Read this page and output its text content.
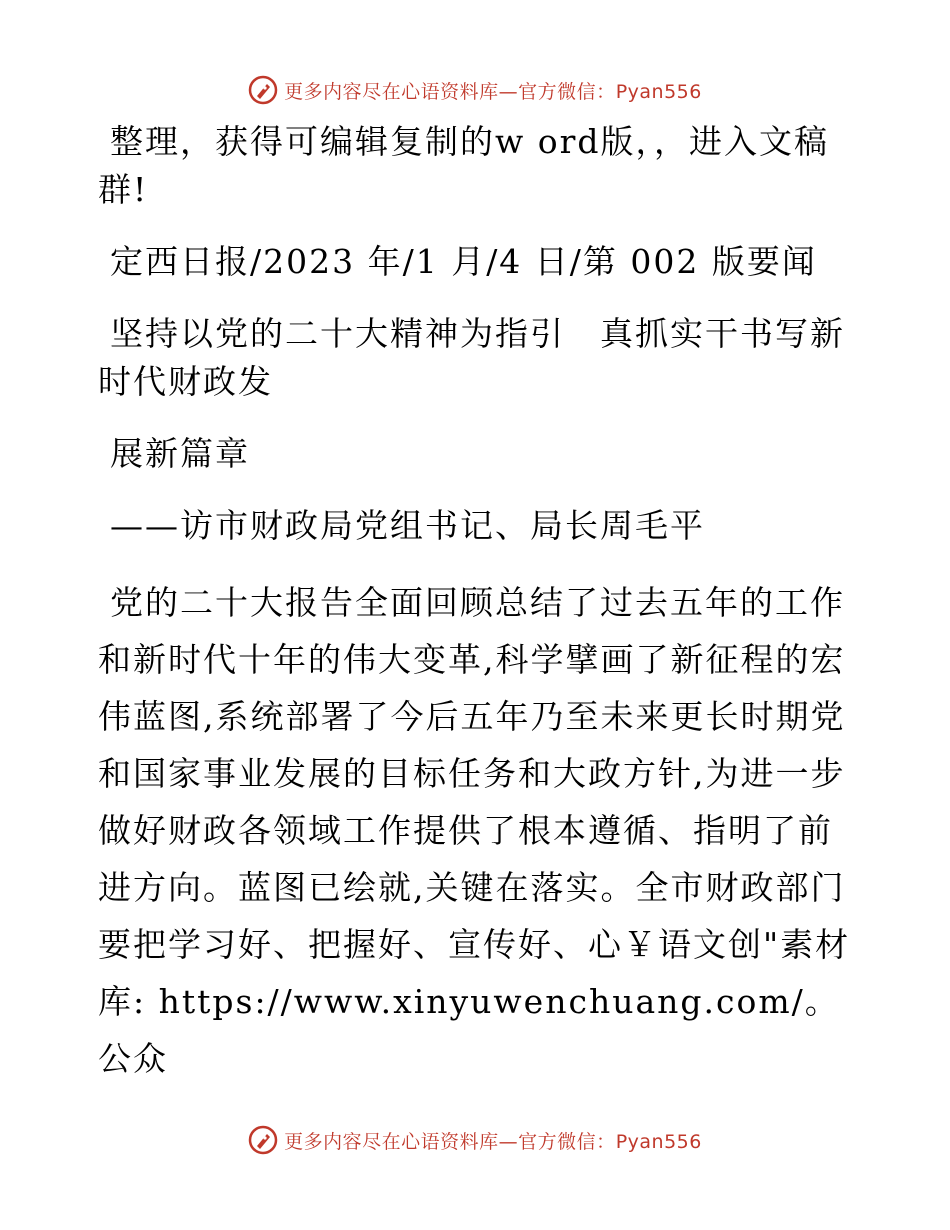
更多内容尽在心语资料库—官方微信：Pyan556

整理，获得可编辑复制的w ord版，，进入文稿群!

定西日报/2023 年/1 月/4 日/第 002 版要闻

坚持以党的二十大精神为指引　真抓实干书写新时代财政发

展新篇章

——访市财政局党组书记、局长周毛平

党的二十大报告全面回顾总结了过去五年的工作和新时代十年的伟大变革,科学擘画了新征程的宏伟蓝图,系统部署了今后五年乃至未来更长时期党和国家事业发展的目标任务和大政方针,为进一步做好财政各领域工作提供了根本遵循、指明了前进方向。蓝图已绘就,关键在落实。全市财政部门要把学习好、把握好、宣传好、心￥语文创"素材库: https://www.xinyuwenchuang.com/。公众

更多内容尽在心语资料库—官方微信：Pyan556
